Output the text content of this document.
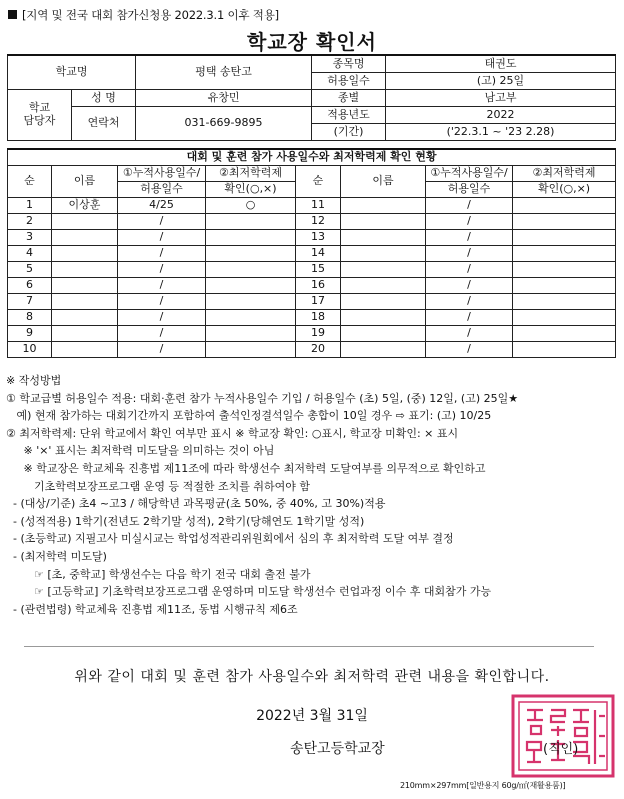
[지역 및 전국 대회 참가신청용 2022.3.1 이후 적용]
학교장 확인서
학교명		평택 송탄고	종목명	태권도
			허용일수	(고) 25일
학교
담당자	성 명	유창민	종별	남고부
	연락처	031-669-9895	적용년도	2022
			(기간)	('22.3.1 ~ '23 2.28)
대회 및 훈련 참가 사용일수와 최저학력제 확인 현황							
순	이름	①누적사용일수/	②최저학력제	순	이름	①누적사용일수/	②최저학력제
		허용일수	확인(○,×)			허용일수	확인(○,×)
1	이상훈	4/25	○	11		/	
2		/		12		/	
3		/		13		/	
4		/		14		/	
5		/		15		/	
6		/		16		/	
7		/		17		/	
8		/		18		/	
9		/		19		/	
10		/		20		/	
※ 작성방법
① 학교급별 허용일수 적용: 대회·훈련 참가 누적사용일수 기입 / 허용일수 (초) 5일, (중) 12일, (고) 25일★
예) 현재 참가하는 대회기간까지 포함하여 출석인정결석일수 총합이 10일 경우 ⇨ 표기: (고) 10/25
② 최저학력제: 단위 학교에서 확인 여부만 표시 ※ 학교장 확인: ○표시, 학교장 미확인: × 표시
※ '×' 표시는 최저학력 미도달을 의미하는 것이 아님
※ 학교장은 학교체육 진흥법 제11조에 따라 학생선수 최저학력 도달여부를 의무적으로 확인하고
기초학력보장프로그램 운영 등 적절한 조치를 취하여야 함
- (대상/기준) 초4 ~고3 / 해당학년 과목평균(초 50%, 중 40%, 고 30%)적용
- (성적적용) 1학기(전년도 2학기말 성적), 2학기(당해연도 1학기말 성적)
- (초등학교) 지필고사 미실시교는 학업성적관리위원회에서 심의 후 최저학력 도달 여부 결정
- (최저학력 미도달)
☞ [초, 중학교] 학생선수는 다음 학기 전국 대회 출전 불가
☞ [고등학교] 기초학력보장프로그램 운영하며 미도달 학생선수 런업과정 이수 후 대회참가 가능
- (관련법령) 학교체육 진흥법 제11조, 동법 시행규칙 제6조
위와 같이 대회 및 훈련 참가 사용일수와 최저학력 관련 내용을 확인합니다.
2022년 3월 31일
송탄고등학교장	(직인)
210mm×297mm[일반용지 60g/㎡(재활용품)]
